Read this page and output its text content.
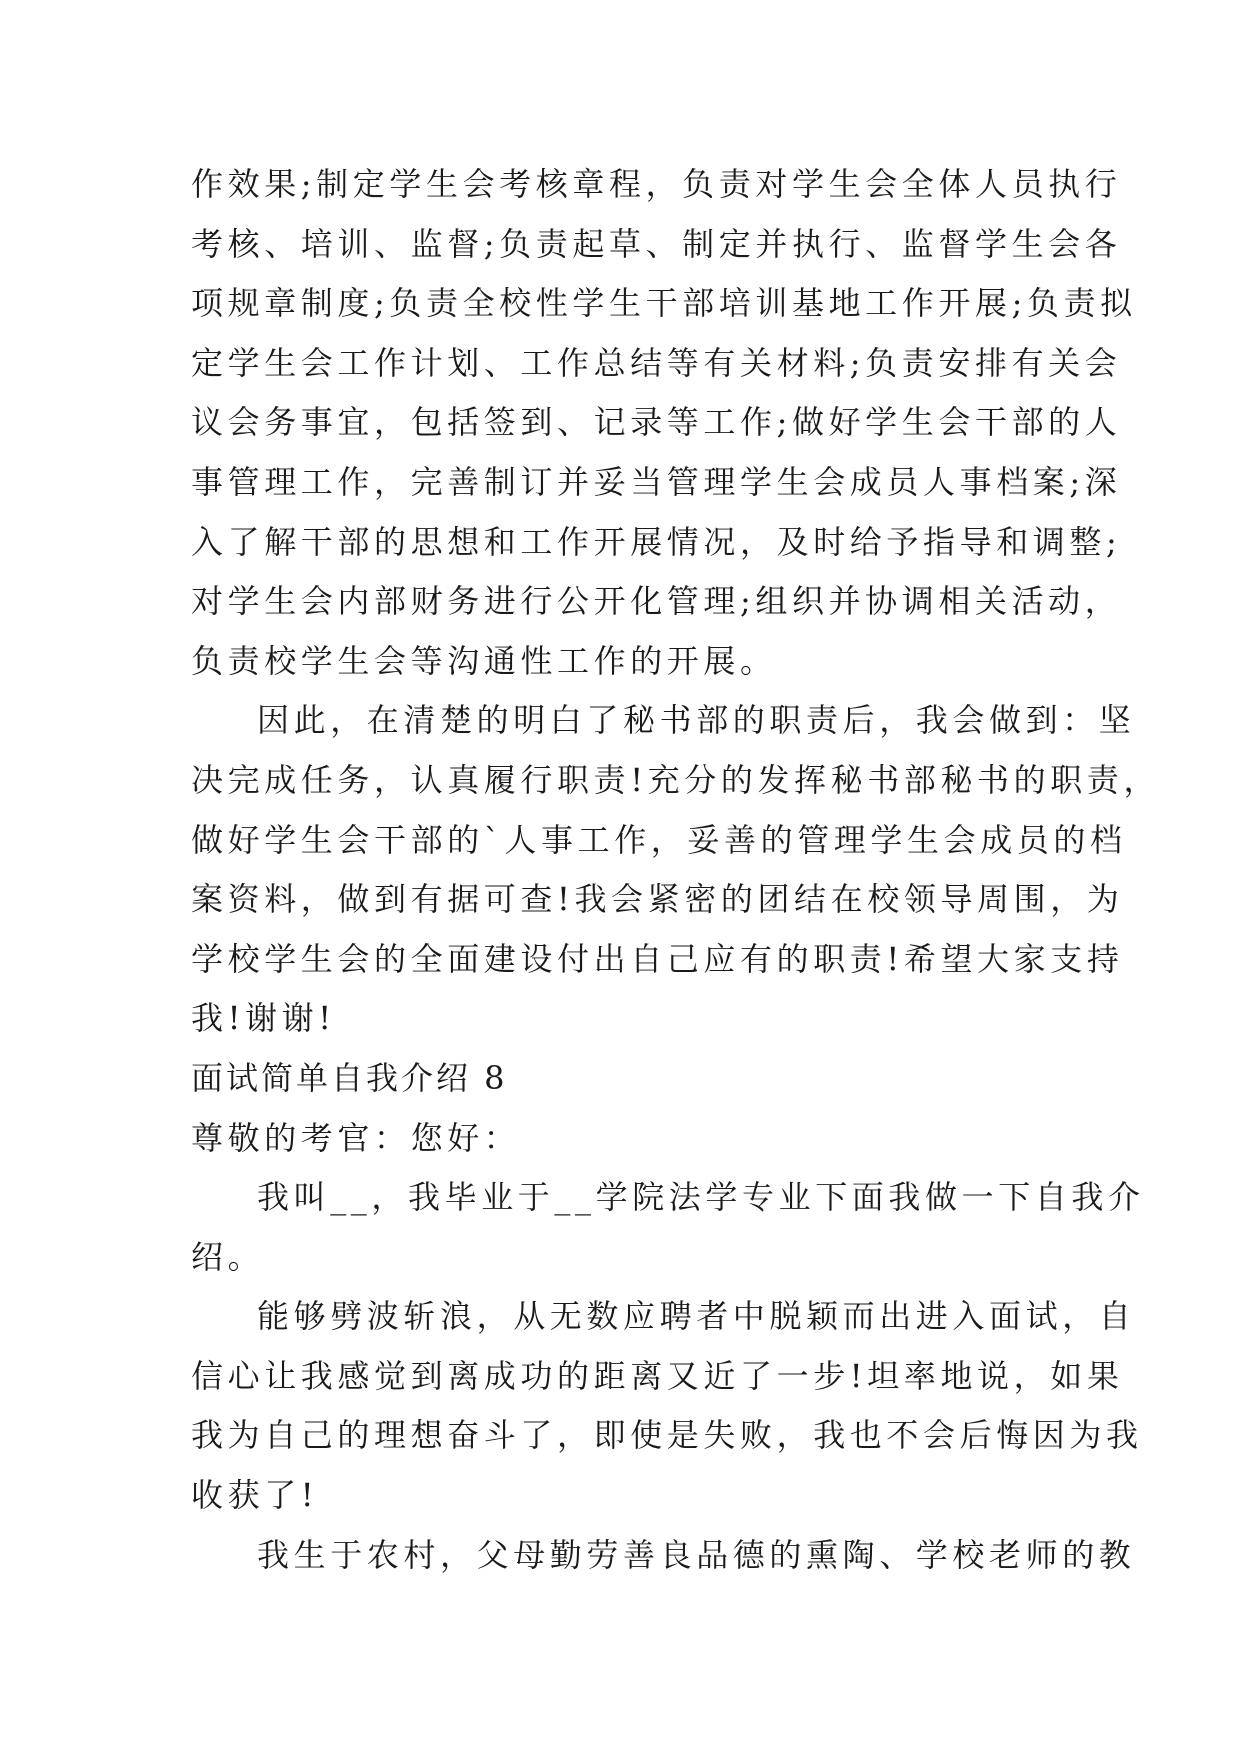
作效果;制定学生会考核章程，负责对学生会全体人员执行
考核、培训、监督;负责起草、制定并执行、监督学生会各
项规章制度;负责全校性学生干部培训基地工作开展;负责拟
定学生会工作计划、工作总结等有关材料;负责安排有关会
议会务事宜，包括签到、记录等工作;做好学生会干部的人
事管理工作，完善制订并妥当管理学生会成员人事档案;深
入了解干部的思想和工作开展情况，及时给予指导和调整;
对学生会内部财务进行公开化管理;组织并协调相关活动，
负责校学生会等沟通性工作的开展。
因此，在清楚的明白了秘书部的职责后，我会做到：坚
决完成任务，认真履行职责!充分的发挥秘书部秘书的职责，
做好学生会干部的`人事工作，妥善的管理学生会成员的档
案资料，做到有据可查!我会紧密的团结在校领导周围，为
学校学生会的全面建设付出自己应有的职责!希望大家支持
我!谢谢!
面试简单自我介绍 8
尊敬的考官：您好：
我叫__，我毕业于__学院法学专业下面我做一下自我介
绍。
能够劈波斩浪，从无数应聘者中脱颖而出进入面试，自
信心让我感觉到离成功的距离又近了一步!坦率地说，如果
我为自己的理想奋斗了，即使是失败，我也不会后悔因为我
收获了!
我生于农村，父母勤劳善良品德的熏陶、学校老师的教
